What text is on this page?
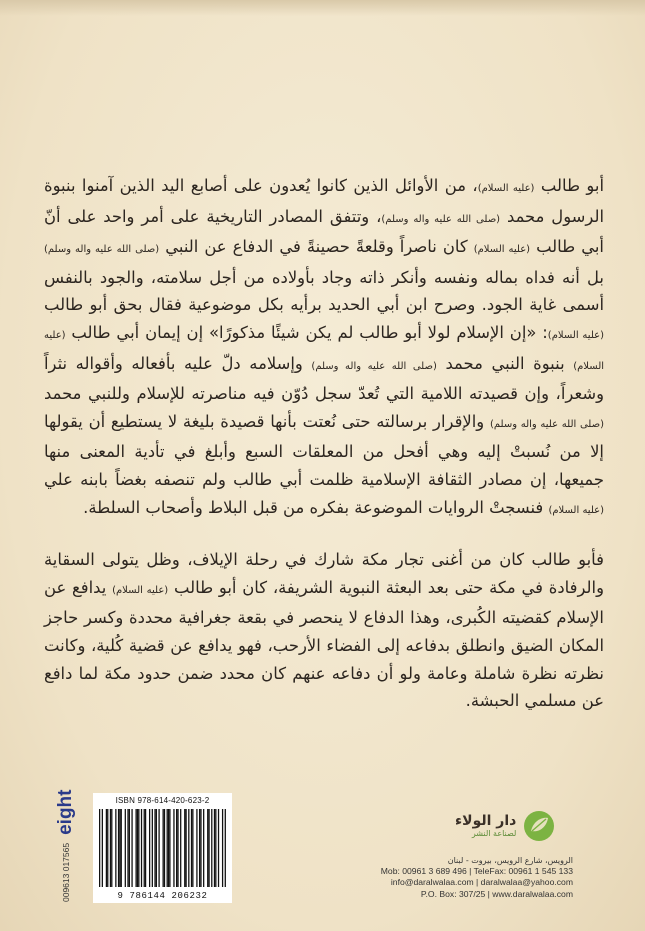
أبو طالب (عليه السلام)، من الأوائل الذين كانوا يُعدون على أصابع اليد الذين آمنوا بنبوة الرسول محمد (صلى الله عليه واله وسلم)، وتتفق المصادر التاريخية على أمر واحد على أنّ أبي طالب (عليه السلام) كان ناصراً وقلعةً حصينةً في الدفاع عن النبي (صلى الله عليه واله وسلم) بل أنه فداه بماله ونفسه وأنكر ذاته وجاد بأولاده من أجل سلامته، والجود بالنفس أسمى غاية الجود. وصرح ابن أبي الحديد برأيه بكل موضوعية فقال بحق أبو طالب (عليه السلام): «إن الإسلام لولا أبو طالب لم يكن شيئًا مذكورًا» إن إيمان أبي طالب (عليه السلام) بنبوة النبي محمد (صلى الله عليه واله وسلم) وإسلامه دلّ عليه بأفعاله وأقواله نثراً وشعراً، وإن قصيدته اللامية التي تُعدّ سجل دُوّن فيه مناصرته للإسلام وللنبي محمد (صلى الله عليه واله وسلم) والإقرار برسالته حتى نُعتت بأنها قصيدة بليغة لا يستطيع أن يقولها إلا من نُسبتْ إليه وهي أفحل من المعلقات السبع وأبلغ في تأدية المعنى منها جميعها، إن مصادر الثقافة الإسلامية ظلمت أبي طالب ولم تنصفه بغضاً بابنه علي (عليه السلام) فنسجتْ الروايات الموضوعة بفكره من قبل البلاط وأصحاب السلطة.

فأبو طالب كان من أغنى تجار مكة شارك في رحلة الإيلاف، وظل يتولى السقاية والرفادة في مكة حتى بعد البعثة النبوية الشريفة، كان أبو طالب (عليه السلام) يدافع عن الإسلام كقضيته الكُبرى، وهذا الدفاع لا ينحصر في بقعة جغرافية محددة وكسر حاجز المكان الضيق وانطلق بدفاعه إلى الفضاء الأرحب، فهو يدافع عن قضية كُلية، وكانت نظرته نظرة شاملة وعامة ولو أن دفاعه عنهم كان محدد ضمن حدود مكة لما دافع عن مسلمي الحبشة.

ISBN 978-614-420-623-2
9 786144 206232
009613 017565
eight	دار الولاء
لصناعة النشر
الرويس، شارع الرويس، بيروت - لبنان
Mob: 00961 3 689 496 | TeleFax: 00961 1 545 133
info@daralwalaa.com | daralwalaa@yahoo.com
P.O. Box: 307/25 | www.daralwalaa.com
